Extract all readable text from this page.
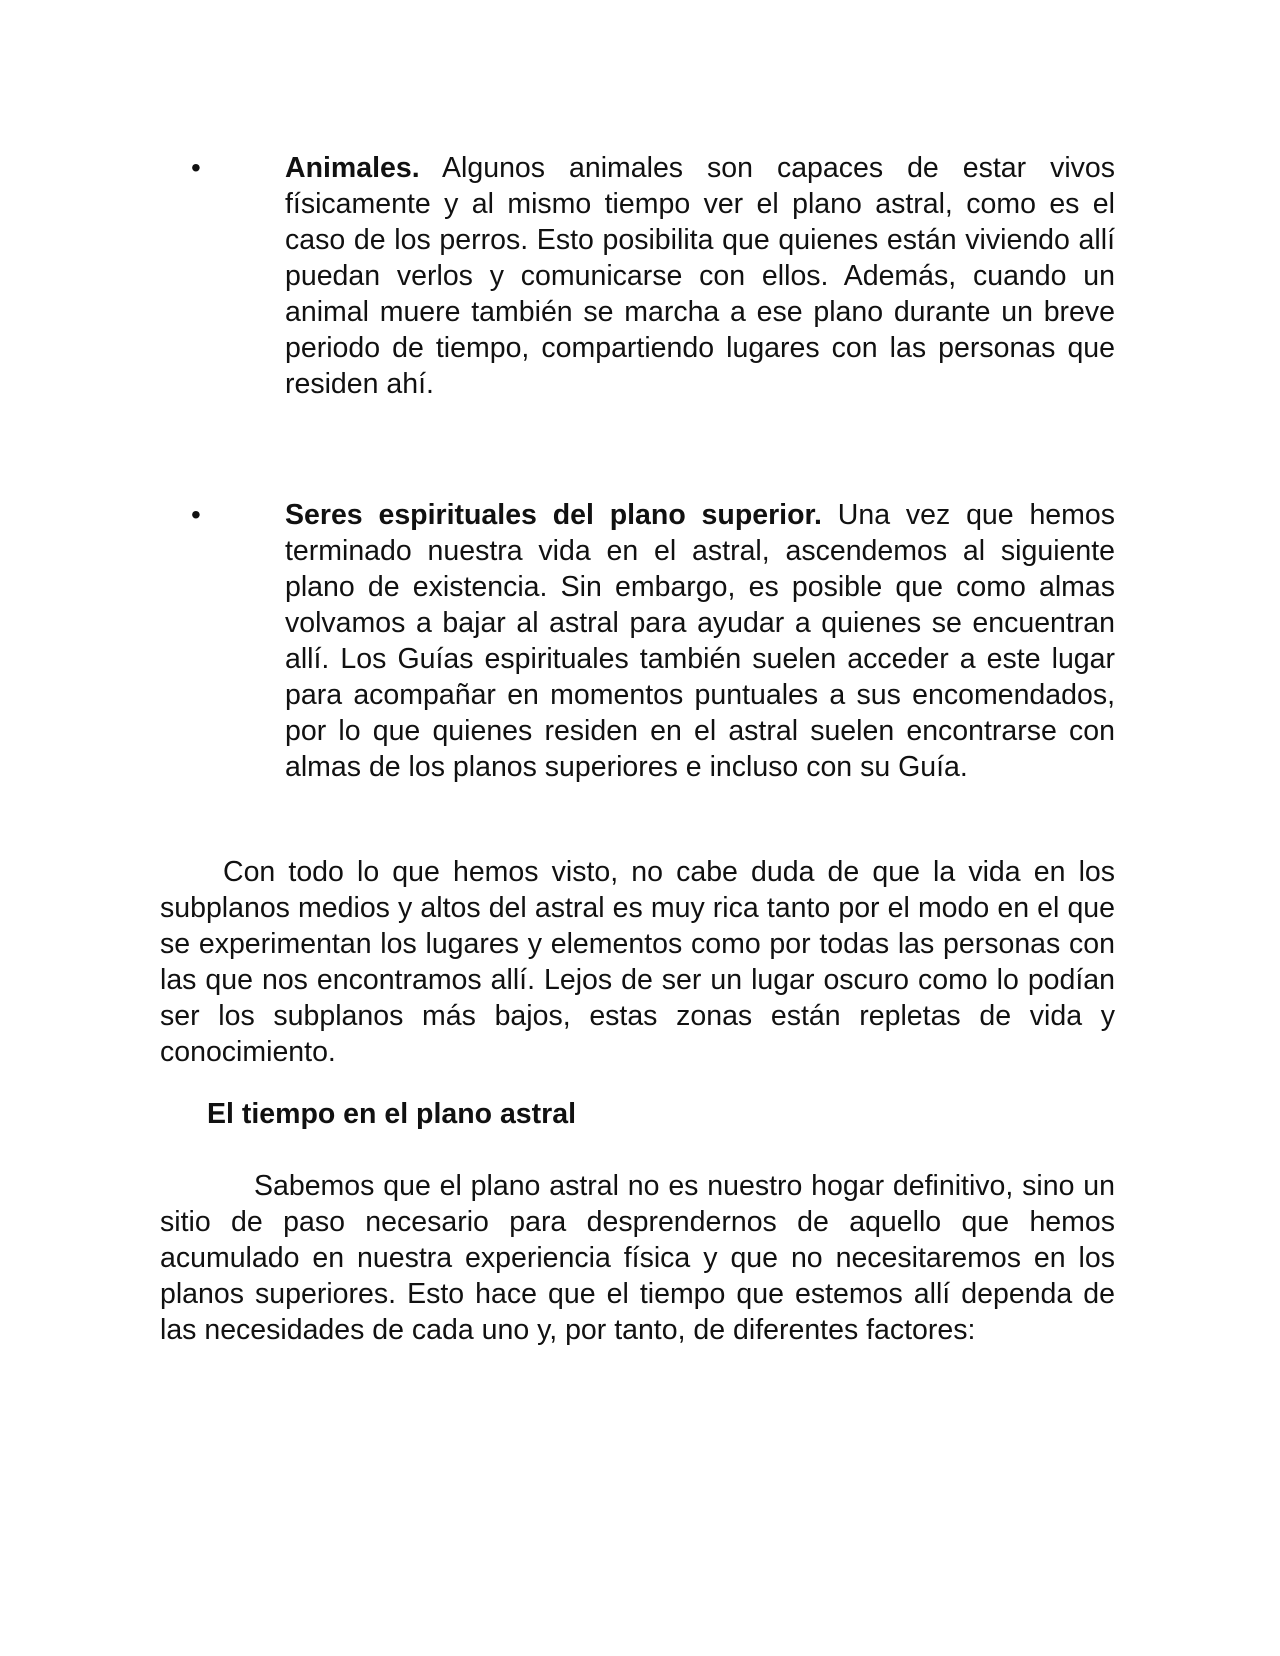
•	Animales. Algunos animales son capaces de estar vivos físicamente y al mismo tiempo ver el plano astral, como es el caso de los perros. Esto posibilita que quienes están viviendo allí puedan verlos y comunicarse con ellos. Además, cuando un animal muere también se marcha a ese plano durante un breve periodo de tiempo, compartiendo lugares con las personas que residen ahí.
•	Seres espirituales del plano superior. Una vez que hemos terminado nuestra vida en el astral, ascendemos al siguiente plano de existencia. Sin embargo, es posible que como almas volvamos a bajar al astral para ayudar a quienes se encuentran allí. Los Guías espirituales también suelen acceder a este lugar para acompañar en momentos puntuales a sus encomendados, por lo que quienes residen en el astral suelen encontrarse con almas de los planos superiores e incluso con su Guía.
Con todo lo que hemos visto, no cabe duda de que la vida en los subplanos medios y altos del astral es muy rica tanto por el modo en el que se experimentan los lugares y elementos como por todas las personas con las que nos encontramos allí. Lejos de ser un lugar oscuro como lo podían ser los subplanos más bajos, estas zonas están repletas de vida y conocimiento.
El tiempo en el plano astral
Sabemos que el plano astral no es nuestro hogar definitivo, sino un sitio de paso necesario para desprendernos de aquello que hemos acumulado en nuestra experiencia física y que no necesitaremos en los planos superiores. Esto hace que el tiempo que estemos allí dependa de las necesidades de cada uno y, por tanto, de diferentes factores:
